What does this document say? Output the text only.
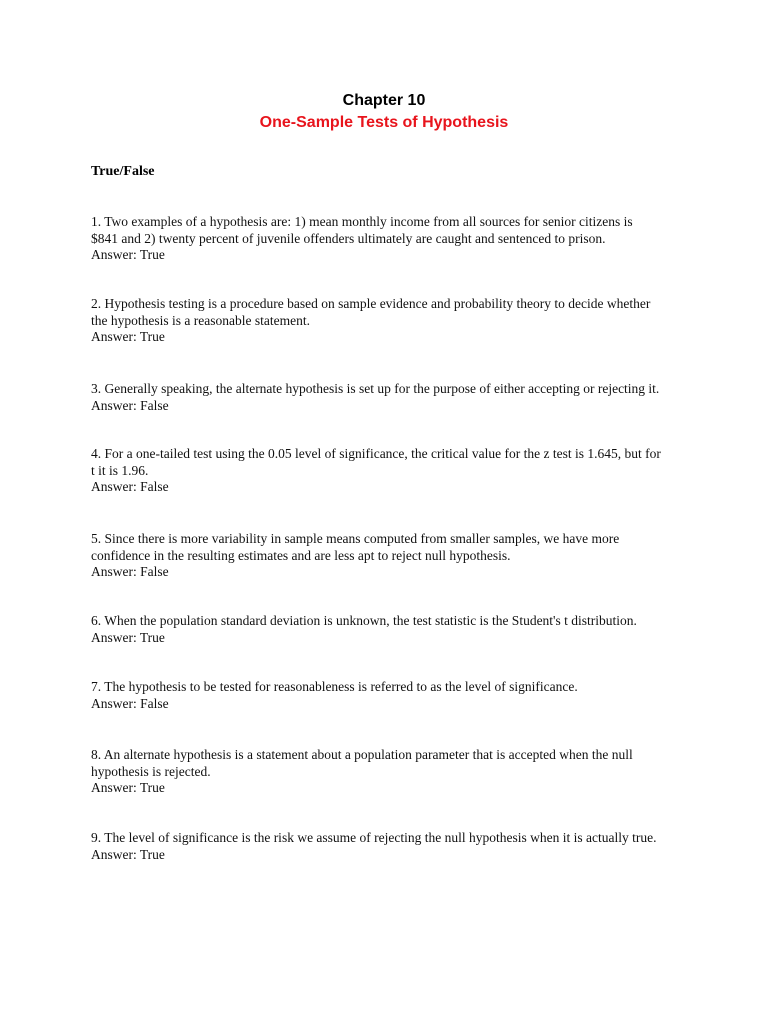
Chapter 10
One-Sample Tests of Hypothesis
True/False

1. Two examples of a hypothesis are: 1) mean monthly income from all sources for senior citizens is

$841 and 2) twenty percent of juvenile offenders ultimately are caught and sentenced to prison.

Answer: True

2. Hypothesis testing is a procedure based on sample evidence and probability theory to decide whether

the hypothesis is a reasonable statement.

Answer: True

3. Generally speaking, the alternate hypothesis is set up for the purpose of either accepting or rejecting it.

Answer: False

4. For a one-tailed test using the 0.05 level of significance, the critical value for the z test is 1.645, but for

t it is 1.96.

Answer: False

5. Since there is more variability in sample means computed from smaller samples, we have more

confidence in the resulting estimates and are less apt to reject null hypothesis.

Answer: False

6. When the population standard deviation is unknown, the test statistic is the Student's t distribution.

Answer: True

7. The hypothesis to be tested for reasonableness is referred to as the level of significance.

Answer: False

8. An alternate hypothesis is a statement about a population parameter that is accepted when the null

hypothesis is rejected.

Answer: True

9. The level of significance is the risk we assume of rejecting the null hypothesis when it is actually true.

Answer: True
